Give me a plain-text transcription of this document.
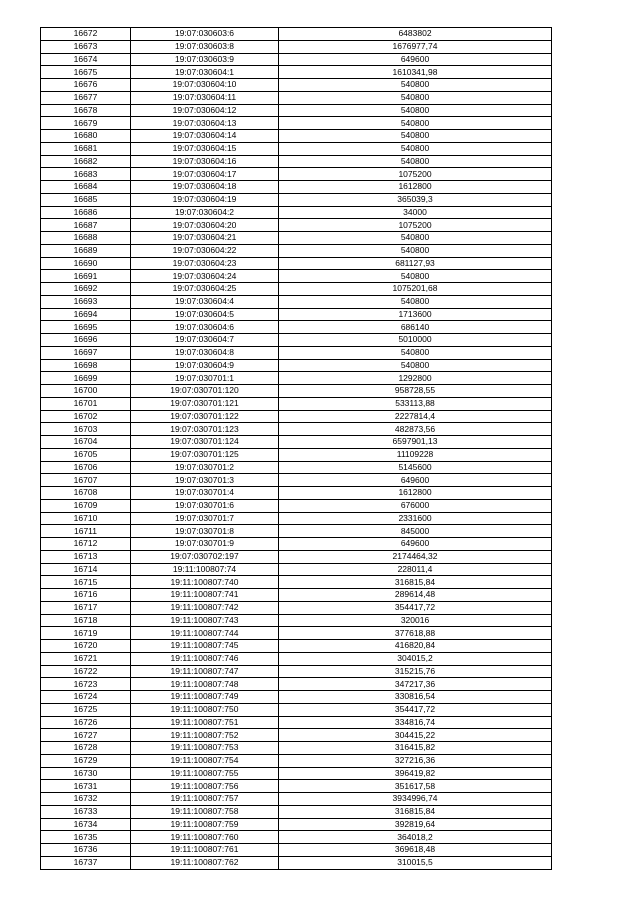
16672	19:07:030603:6	6483802
16673	19:07:030603:8	1676977,74
16674	19:07:030603:9	649600
16675	19:07:030604:1	1610341,98
16676	19:07:030604:10	540800
16677	19:07:030604:11	540800
16678	19:07:030604:12	540800
16679	19:07:030604:13	540800
16680	19:07:030604:14	540800
16681	19:07:030604:15	540800
16682	19:07:030604:16	540800
16683	19:07:030604:17	1075200
16684	19:07:030604:18	1612800
16685	19:07:030604:19	365039,3
16686	19:07:030604:2	34000
16687	19:07:030604:20	1075200
16688	19:07:030604:21	540800
16689	19:07:030604:22	540800
16690	19:07:030604:23	681127,93
16691	19:07:030604:24	540800
16692	19:07:030604:25	1075201,68
16693	19:07:030604:4	540800
16694	19:07:030604:5	1713600
16695	19:07:030604:6	686140
16696	19:07:030604:7	5010000
16697	19:07:030604:8	540800
16698	19:07:030604:9	540800
16699	19:07:030701:1	1292800
16700	19:07:030701:120	958728,55
16701	19:07:030701:121	533113,88
16702	19:07:030701:122	2227814,4
16703	19:07:030701:123	482873,56
16704	19:07:030701:124	6597901,13
16705	19:07:030701:125	11109228
16706	19:07:030701:2	5145600
16707	19:07:030701:3	649600
16708	19:07:030701:4	1612800
16709	19:07:030701:6	676000
16710	19:07:030701:7	2331600
16711	19:07:030701:8	845000
16712	19:07:030701:9	649600
16713	19:07:030702:197	2174464,32
16714	19:11:100807:74	228011,4
16715	19:11:100807:740	316815,84
16716	19:11:100807:741	289614,48
16717	19:11:100807:742	354417,72
16718	19:11:100807:743	320016
16719	19:11:100807:744	377618,88
16720	19:11:100807:745	416820,84
16721	19:11:100807:746	304015,2
16722	19:11:100807:747	315215,76
16723	19:11:100807:748	347217,36
16724	19:11:100807:749	330816,54
16725	19:11:100807:750	354417,72
16726	19:11:100807:751	334816,74
16727	19:11:100807:752	304415,22
16728	19:11:100807:753	316415,82
16729	19:11:100807:754	327216,36
16730	19:11:100807:755	396419,82
16731	19:11:100807:756	351617,58
16732	19:11:100807:757	3934996,74
16733	19:11:100807:758	316815,84
16734	19:11:100807:759	392819,64
16735	19:11:100807:760	364018,2
16736	19:11:100807:761	369618,48
16737	19:11:100807:762	310015,5
